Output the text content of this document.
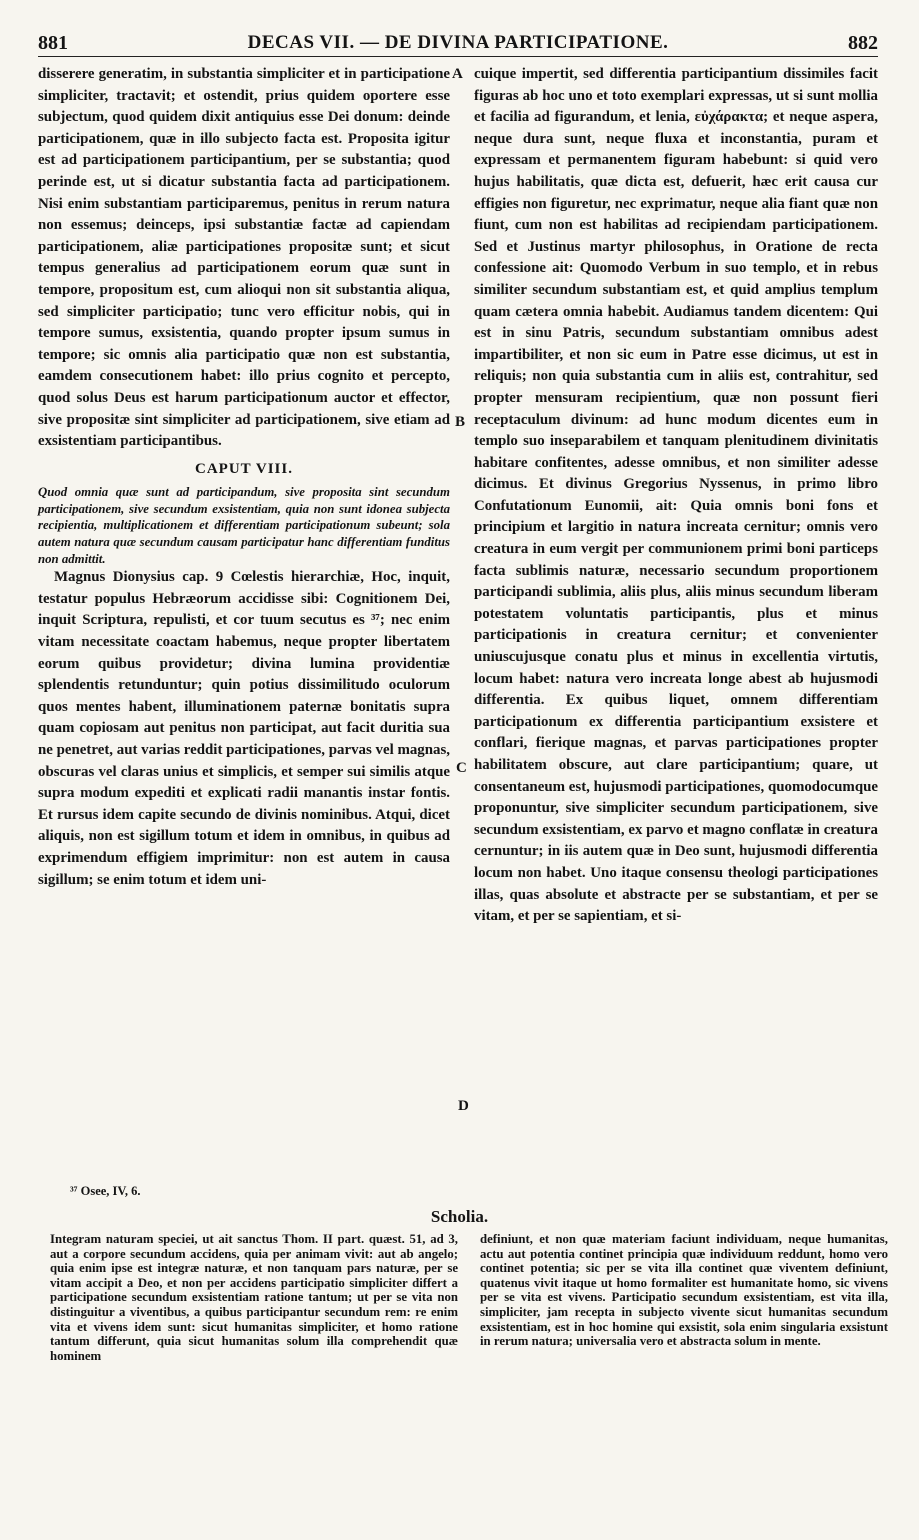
881	DECAS VII. — DE DIVINA PARTICIPATIONE.	882

disserere generatim, in substantia simpliciter et in participatione simpliciter, tractavit; et ostendit, prius quidem oportere esse subjectum, quod quidem dixit antiquius esse Dei donum: deinde participationem, quæ in illo subjecto facta est. Proposita igitur est ad participationem participantium, per se substantia; quod perinde est, ut si dicatur substantia facta ad participationem. Nisi enim substantiam participaremus, penitus in rerum natura non essemus; deinceps, ipsi substantiæ factæ ad capiendam participationem, aliæ participationes propositæ sunt; et sicut tempus generalius ad participationem eorum quæ sunt in tempore, propositum est, cum alioqui non sit substantia aliqua, sed simpliciter participatio; tunc vero efficitur nobis, qui in tempore sumus, exsistentia, quando propter ipsum sumus in tempore; sic omnis alia participatio quæ non est substantia, eamdem consecutionem habet: illo prius cognito et percepto, quod solus Deus est harum participationum auctor et effector, sive propositæ sint simpliciter ad participationem, sive etiam ad exsistentiam participantibus.

CAPUT VIII.

Quod omnia quæ sunt ad participandum, sive proposita sint secundum participationem, sive secundum exsistentiam, quia non sunt idonea subjecta recipientia, multiplicationem et differentiam participationum subeunt; sola autem natura quæ secundum causam participatur hanc differentiam funditus non admittit.

Magnus Dionysius cap. 9 Cœlestis hierarchiæ, Hoc, inquit, testatur populus Hebræorum accidisse sibi: Cognitionem Dei, inquit Scriptura, repulisti, et cor tuum secutus es ³⁷; nec enim vitam necessitate coactam habemus, neque propter libertatem eorum quibus providetur; divina lumina providentiæ splendentis retunduntur; quin potius dissimilitudo oculorum quos mentes habent, illuminationem paternæ bonitatis supra quam copiosam aut penitus non participat, aut facit duritia sua ne penetret, aut varias reddit participationes, parvas vel magnas, obscuras vel claras unius et simplicis, et semper sui similis atque supra modum expediti et explicati radii manantis instar fontis. Et rursus idem capite secundo de divinis nominibus. Atqui, dicet aliquis, non est sigillum totum et idem in omnibus, in quibus ad exprimendum effigiem imprimitur: non est autem in causa sigillum; se enim totum et idem uni-

cuique impertit, sed differentia participantium dissimiles facit figuras ab hoc uno et toto exemplari expressas, ut si sunt mollia et facilia ad figurandum, et lenia, εὐχάρακτα; et neque aspera, neque dura sunt, neque fluxa et inconstantia, puram et expressam et permanentem figuram habebunt: si quid vero hujus habilitatis, quæ dicta est, defuerit, hæc erit causa cur effigies non figuretur, nec exprimatur, neque alia fiant quæ non fiunt, cum non est habilitas ad recipiendam participationem. Sed et Justinus martyr philosophus, in Oratione de recta confessione ait: Quomodo Verbum in suo templo, et in rebus similiter secundum substantiam est, et quid amplius templum quam cætera omnia habebit. Audiamus tandem dicentem: Qui est in sinu Patris, secundum substantiam omnibus adest impartibiliter, et non sic eum in Patre esse dicimus, ut est in reliquis; non quia substantia cum in aliis est, contrahitur, sed propter mensuram recipientium, quæ non possunt fieri receptaculum divinum: ad hunc modum dicentes eum in templo suo inseparabilem et tanquam plenitudinem divinitatis habitare confitentes, adesse omnibus, et non similiter adesse dicimus. Et divinus Gregorius Nyssenus, in primo libro Confutationum Eunomii, ait: Quia omnis boni fons et principium et largitio in natura increata cernitur; omnis vero creatura in eum vergit per communionem primi boni particeps facta sublimis naturæ, necessario secundum proportionem participandi sublimia, aliis plus, aliis minus secundum liberam potestatem voluntatis participantis, plus et minus participationis in creatura cernitur; et convenienter uniuscujusque conatu plus et minus in excellentia virtutis, locum habet: natura vero increata longe abest ab hujusmodi differentia. Ex quibus liquet, omnem differentiam participationum ex differentia participantium exsistere et conflari, fierique magnas, et parvas participationes propter habilitatem obscure, aut clare participantium; quare, ut consentaneum est, hujusmodi participationes, quomodocumque proponuntur, sive simpliciter secundum participationem, sive secundum exsistentiam, ex parvo et magno conflatæ in creatura cernuntur; in iis autem quæ in Deo sunt, hujusmodi differentia locum non habet. Uno itaque consensu theologi participationes illas, quas absolute et abstracte per se substantiam, et per se vitam, et per se sapientiam, et si-

A
B
C
D
³⁷ Osee, IV, 6.
Scholia.

Integram naturam speciei, ut ait sanctus Thom. II part. quæst. 51, ad 3, aut a corpore secundum accidens, quia per animam vivit: aut ab angelo; quia enim ipse est integræ naturæ, et non tanquam pars naturæ, per se vitam accipit a Deo, et non per accidens participatio simpliciter differt a participatione secundum exsistentiam ratione tantum; ut per se vita non distinguitur a viventibus, a quibus participantur secundum rem: re enim vita et vivens idem sunt: sicut humanitas simpliciter, et homo ratione tantum differunt, quia sicut humanitas solum illa comprehendit quæ hominem

definiunt, et non quæ materiam faciunt individuam, neque humanitas, actu aut potentia continet principia quæ individuum reddunt, homo vero continet potentia; sic per se vita illa continet quæ viventem definiunt, quatenus vivit itaque ut homo formaliter est humanitate homo, sic vivens per se vita est vivens. Participatio secundum exsistentiam, est vita illa, simpliciter, jam recepta in subjecto vivente sicut humanitas secundum exsistentiam, est in hoc homine qui exsistit, sola enim singularia exsistunt in rerum natura; universalia vero et abstracta solum in mente.
